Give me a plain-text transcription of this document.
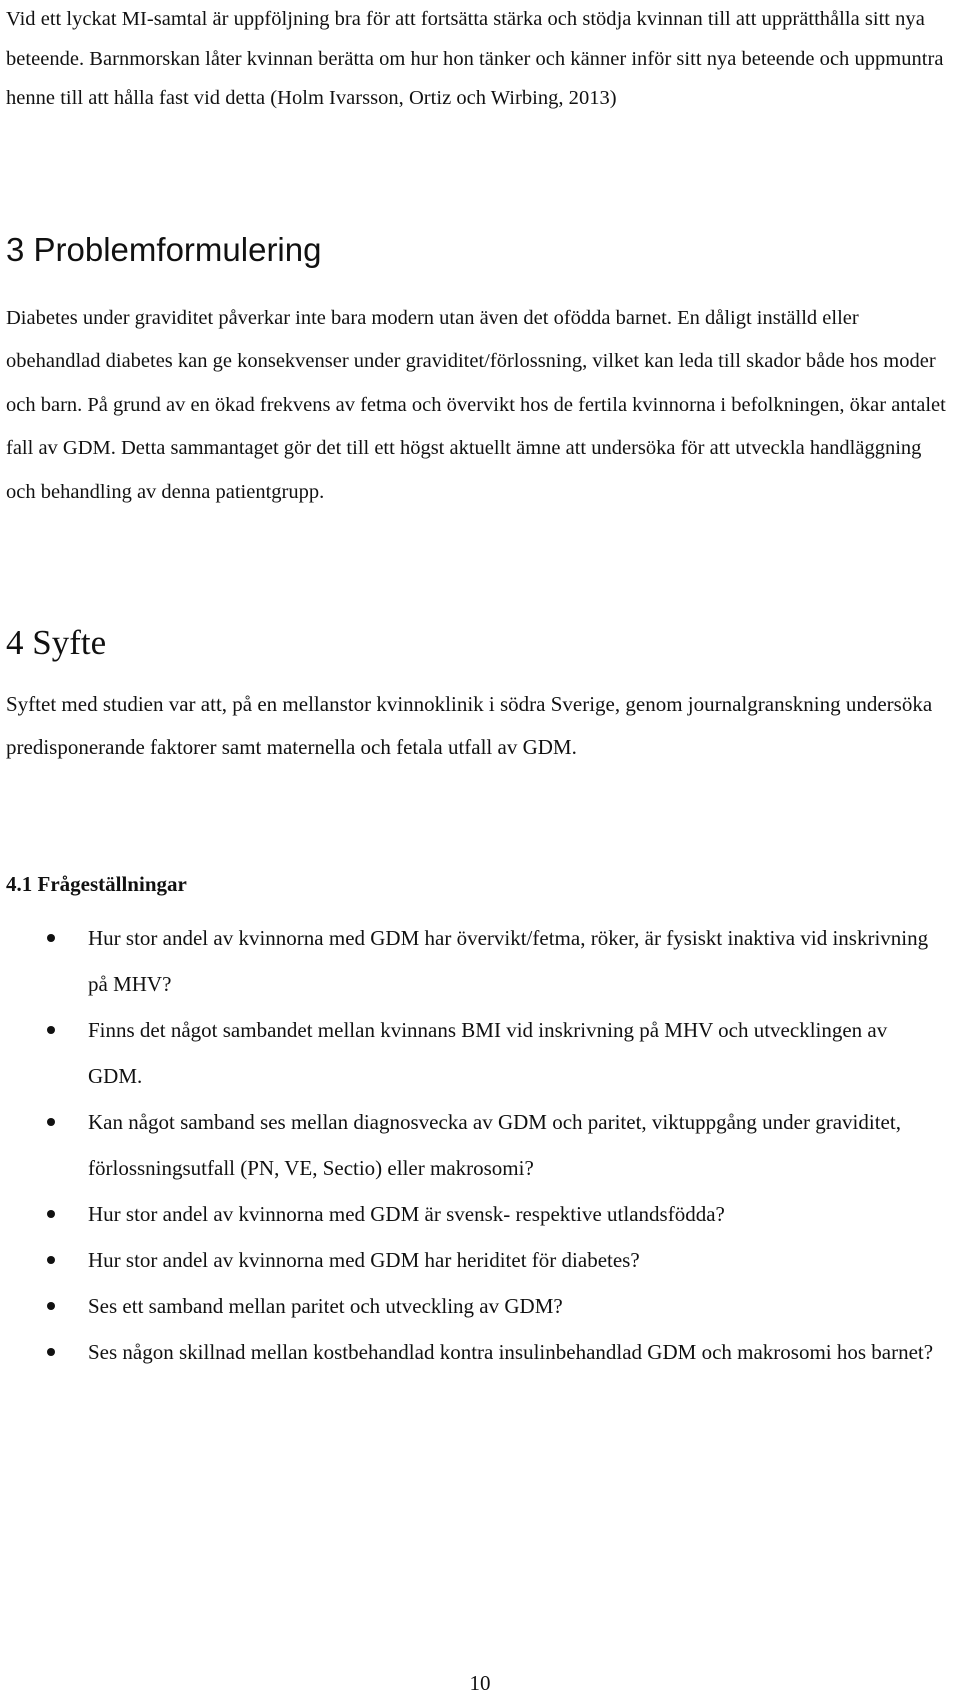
Vid ett lyckat MI-samtal är uppföljning bra för att fortsätta stärka och stödja kvinnan till att upprätthålla sitt nya beteende. Barnmorskan låter kvinnan berätta om hur hon tänker och känner inför sitt nya beteende och uppmuntra henne till att hålla fast vid detta (Holm Ivarsson, Ortiz och Wirbing, 2013)

3 Problemformulering

Diabetes under graviditet påverkar inte bara modern utan även det ofödda barnet. En dåligt inställd eller obehandlad diabetes kan ge konsekvenser under graviditet/förlossning, vilket kan leda till skador både hos moder och barn. På grund av en ökad frekvens av fetma och övervikt hos de fertila kvinnorna i befolkningen, ökar antalet fall av GDM. Detta sammantaget gör det till ett högst aktuellt ämne att undersöka för att utveckla handläggning och behandling av denna patientgrupp.

4 Syfte

Syftet med studien var att, på en mellanstor kvinnoklinik i södra Sverige, genom journalgranskning undersöka predisponerande faktorer samt maternella och fetala utfall av GDM.

4.1 Frågeställningar
Hur stor andel av kvinnorna med GDM har övervikt/fetma, röker, är fysiskt inaktiva vid inskrivning på MHV?
Finns det något sambandet mellan kvinnans BMI vid inskrivning på MHV och utvecklingen av GDM.
Kan något samband ses mellan diagnosvecka av GDM och paritet, viktuppgång under graviditet, förlossningsutfall (PN, VE, Sectio) eller makrosomi?
Hur stor andel av kvinnorna med GDM är svensk- respektive utlandsfödda?
Hur stor andel av kvinnorna med GDM har heriditet för diabetes?
Ses ett samband mellan paritet och utveckling av GDM?
Ses någon skillnad mellan kostbehandlad kontra insulinbehandlad GDM och makrosomi hos barnet?
10
